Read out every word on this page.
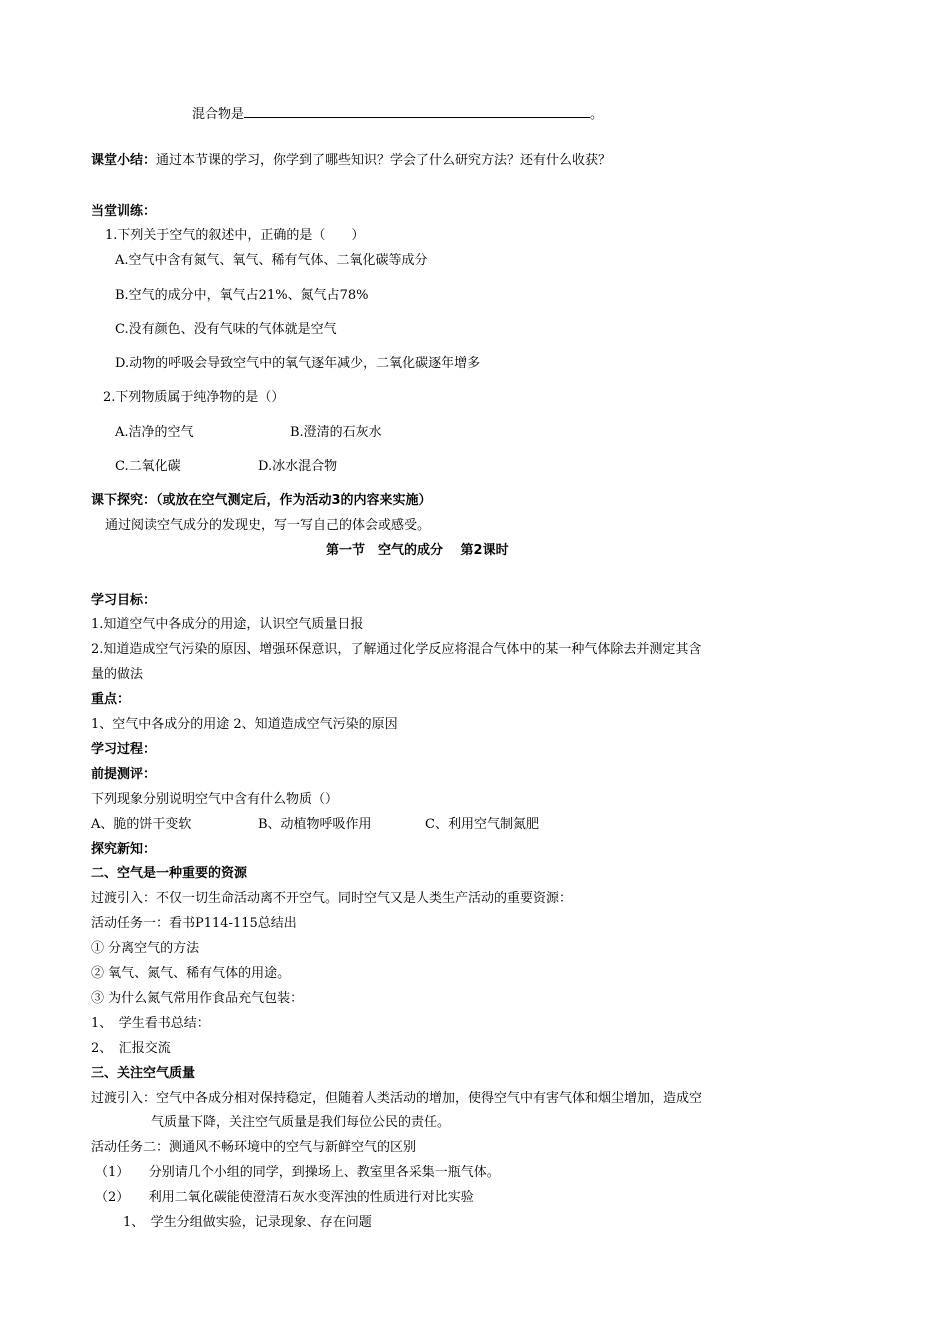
混合物是	。
课堂小结：通过本节课的学习，你学到了哪些知识？学会了什么研究方法？还有什么收获？
当堂训练：
1.下列关于空气的叙述中，正确的是（　　）
A.空气中含有氮气、氧气、稀有气体、二氧化碳等成分
B.空气的成分中，氧气占21%、氮气占78%
C.没有颜色、没有气味的气体就是空气
D.动物的呼吸会导致空气中的氧气逐年减少，二氧化碳逐年增多
2.下列物质属于纯净物的是（）
A.洁净的空气	B.澄清的石灰水
C.二氧化碳	D.冰水混合物
课下探究：（或放在空气测定后，作为活动3的内容来实施）
通过阅读空气成分的发现史，写一写自己的体会或感受。
第一节　空气的成分　 第2课时
学习目标：
1.知道空气中各成分的用途，认识空气质量日报
2.知道造成空气污染的原因、增强环保意识，了解通过化学反应将混合气体中的某一种气体除去并测定其含
量的做法
重点：
1、空气中各成分的用途 2、知道造成空气污染的原因
学习过程：
前提测评：
下列现象分别说明空气中含有什么物质（）
A、脆的饼干变软	B、动植物呼吸作用	C、利用空气制氮肥
探究新知：
二、空气是一种重要的资源
过渡引入：不仅一切生命活动离不开空气。同时空气又是人类生产活动的重要资源：
活动任务一：看书P114-115总结出
① 分离空气的方法
② 氧气、氮气、稀有气体的用途。
③ 为什么氮气常用作食品充气包装：
1、　学生看书总结：
2、　汇报交流
三、关注空气质量
过渡引入：空气中各成分相对保持稳定，但随着人类活动的增加，使得空气中有害气体和烟尘增加，造成空
气质量下降，关注空气质量是我们每位公民的责任。
活动任务二：测通风不畅环境中的空气与新鲜空气的区别
（1）　　分别请几个小组的同学，到操场上、教室里各采集一瓶气体。
（2）　　利用二氧化碳能使澄清石灰水变浑浊的性质进行对比实验
1、　学生分组做实验，记录现象、存在问题
